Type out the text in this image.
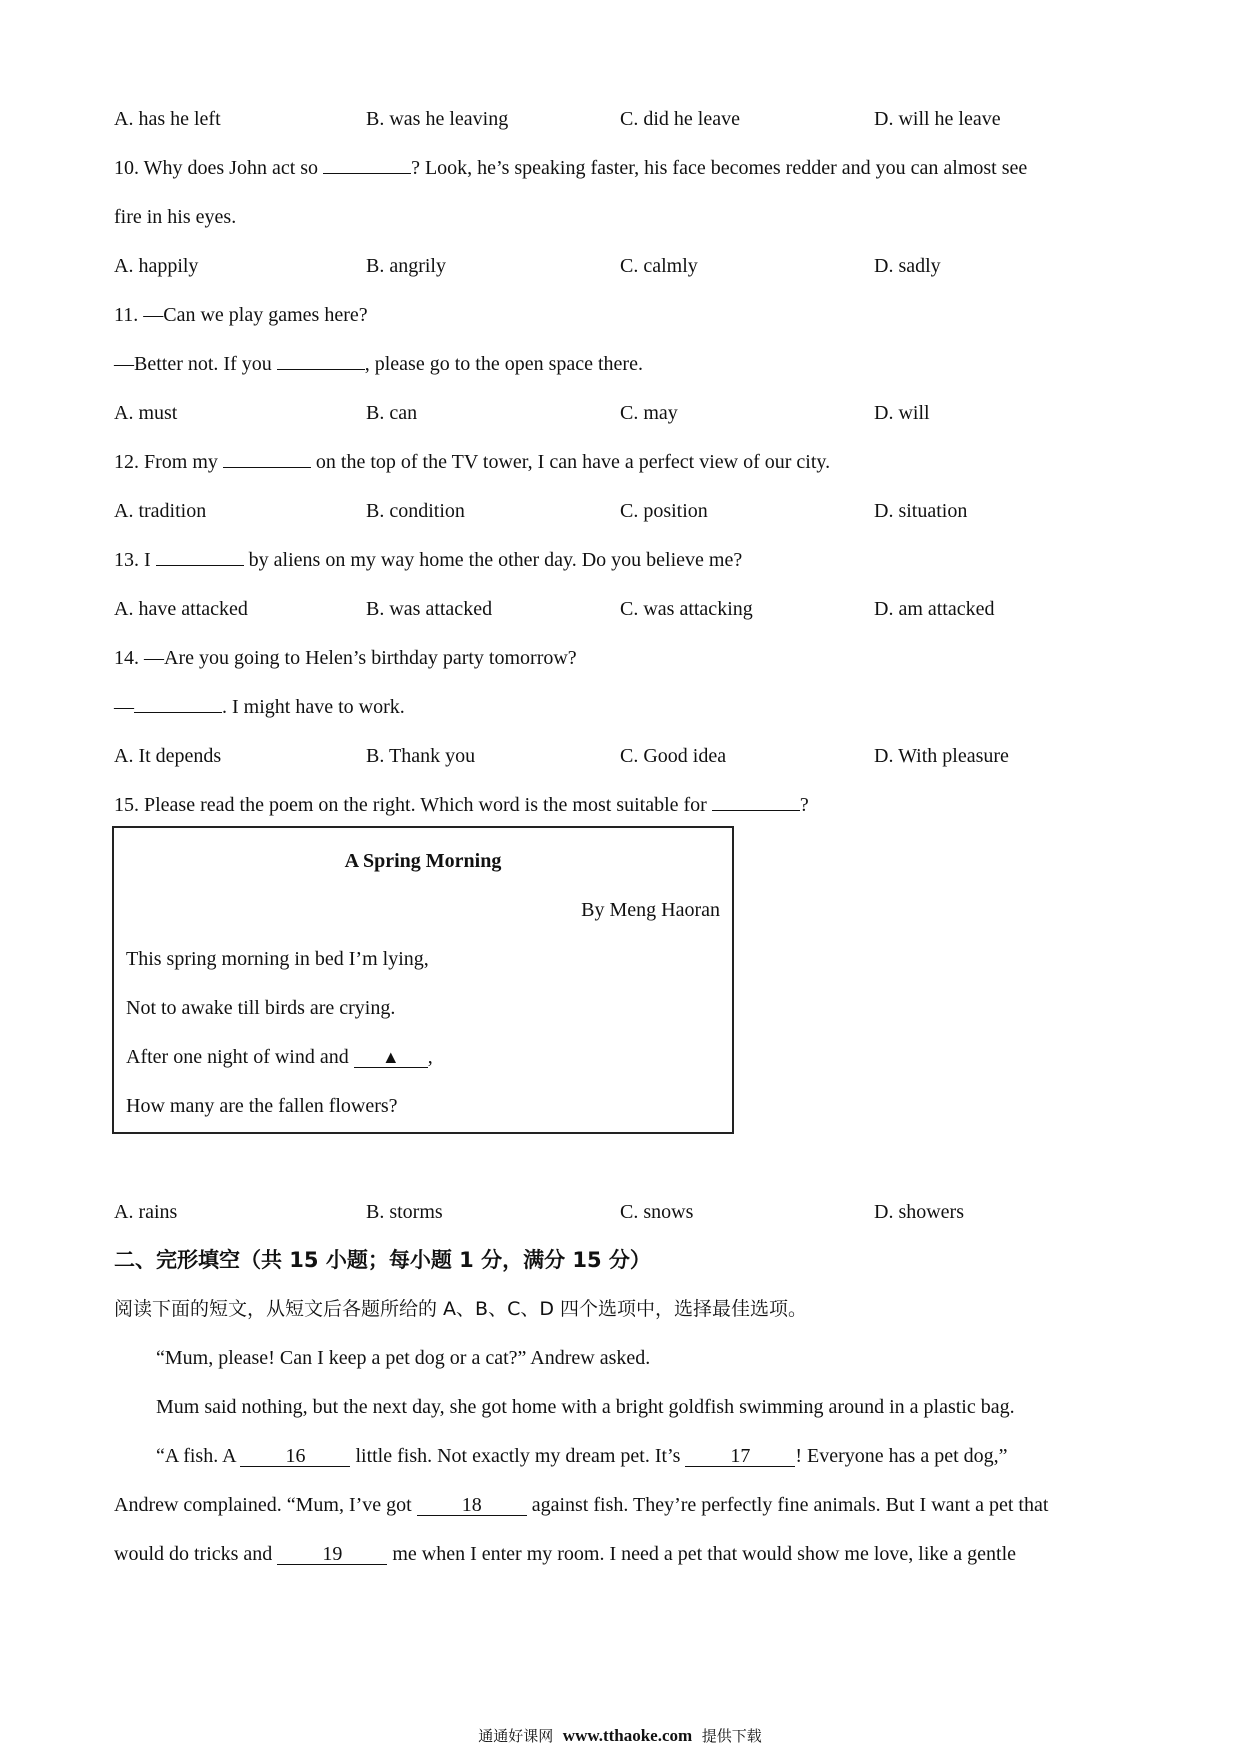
A. has he left	B. was he leaving	C. did he leave	D. will he leave
10. Why does John act so	? Look, he’s speaking faster, his face becomes redder and you can almost see
fire in his eyes.
A. happily	B. angrily	C. calmly	D. sadly
11. —Can we play games here?
—Better not. If you	, please go to the open space there.
A. must	B. can	C. may	D. will
12. From my	on the top of the TV tower, I can have a perfect view of our city.
A. tradition	B. condition	C. position	D. situation
13. I	by aliens on my way home the other day. Do you believe me?
A. have attacked	B. was attacked	C. was attacking	D. am attacked
14. —Are you going to Helen’s birthday party tomorrow?
—	. I might have to work.
A. It depends	B. Thank you	C. Good idea	D. With pleasure
15. Please read the poem on the right. Which word is the most suitable for	?
A Spring Morning
By Meng Haoran
This spring morning in bed I’m lying,
Not to awake till birds are crying.
After one night of wind and ▲ ,
How many are the fallen flowers?
A. rains	B. storms	C. snows	D. showers
二、完形填空（共 15 小题；每小题 1 分，满分 15 分）
阅读下面的短文，从短文后各题所给的 A、B、C、D 四个选项中，选择最佳选项。
“Mum, please! Can I keep a pet dog or a cat?” Andrew asked.
Mum said nothing, but the next day, she got home with a bright goldfish swimming around in a plastic bag.
“A fish. A 16 little fish. Not exactly my dream pet. It’s 17 ! Everyone has a pet dog,”
Andrew complained. “Mum, I’ve got 18 against fish. They’re perfectly fine animals. But I want a pet that
would do tricks and 19 me when I enter my room. I need a pet that would show me love, like a gentle
通通好课网 www.tthaoke.com 提供下载
